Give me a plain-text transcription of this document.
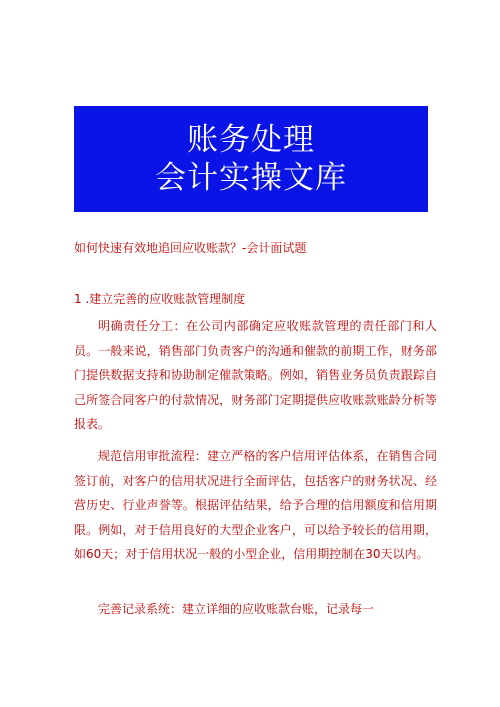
账务处理
会计实操文库
如何快速有效地追回应收账款？-会计面试题
1 .建立完善的应收账款管理制度

明确责任分工：在公司内部确定应收账款管理的责任部门和人员。一般来说，销售部门负责客户的沟通和催款的前期工作，财务部门提供数据支持和协助制定催款策略。例如，销售业务员负责跟踪自己所签合同客户的付款情况，财务部门定期提供应收账款账龄分析等报表。

规范信用审批流程：建立严格的客户信用评估体系，在销售合同签订前，对客户的信用状况进行全面评估，包括客户的财务状况、经营历史、行业声誉等。根据评估结果，给予合理的信用额度和信用期限。例如，对于信用良好的大型企业客户，可以给予较长的信用期，如60天；对于信用状况一般的小型企业，信用期控制在30天以内。

完善记录系统：建立详细的应收账款台账，记录每一
